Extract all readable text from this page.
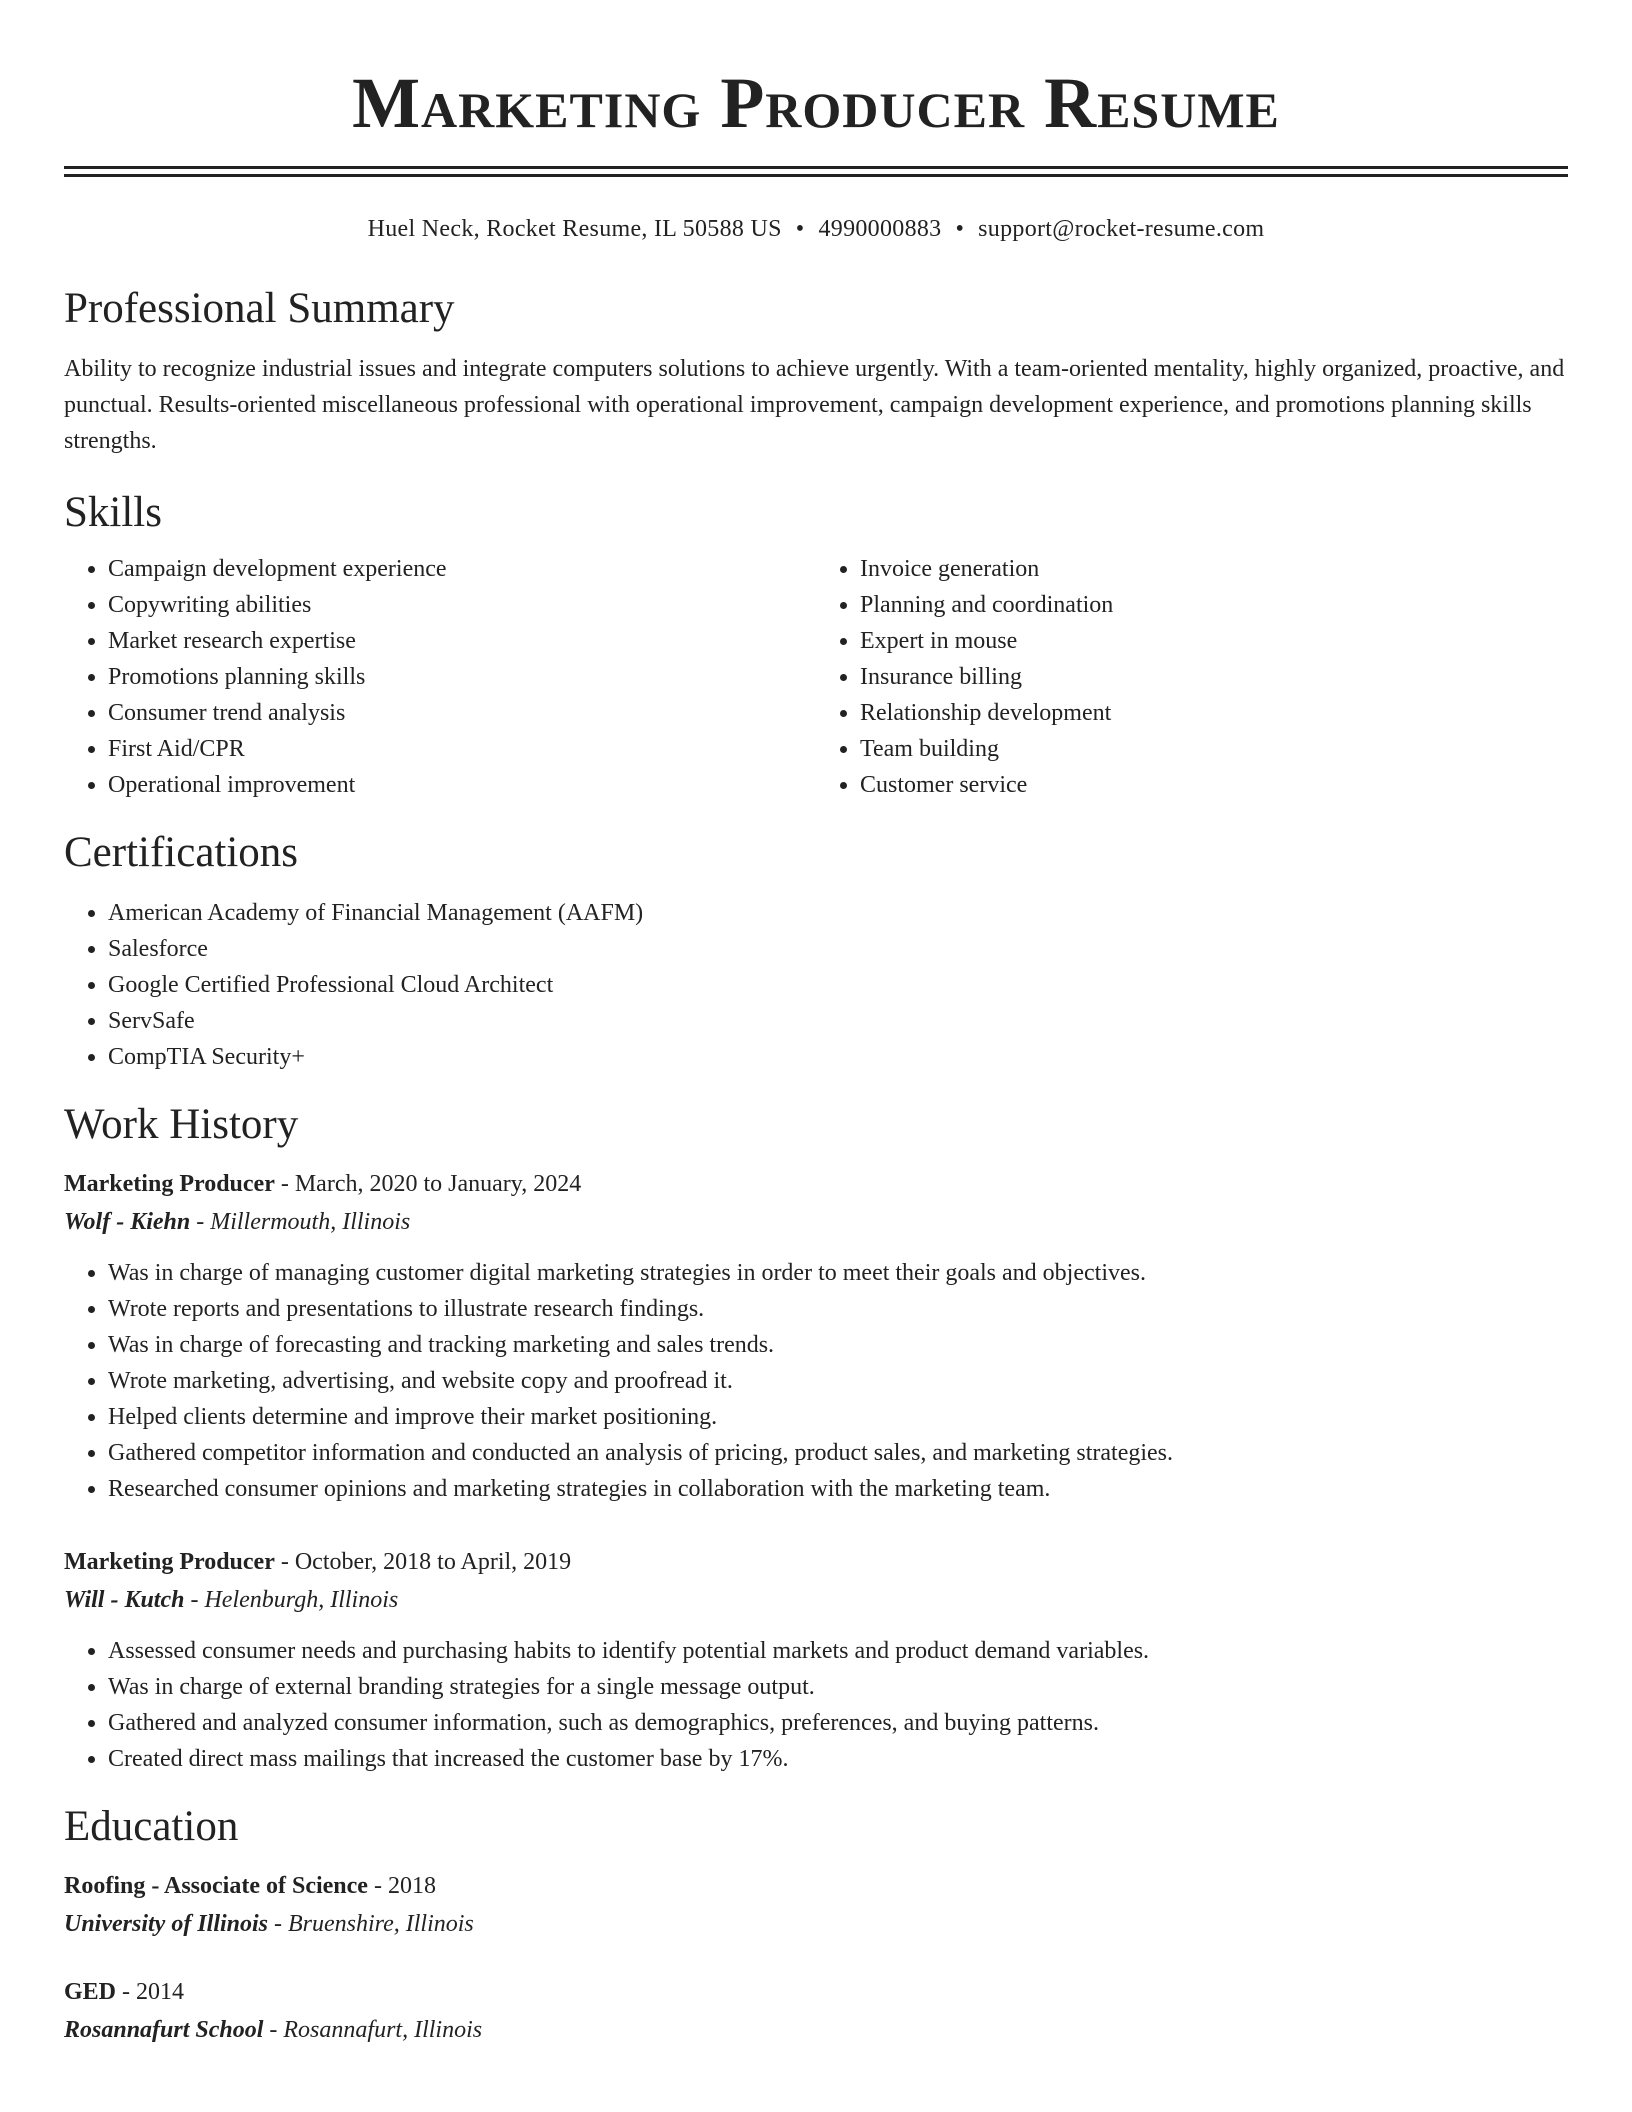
Marketing Producer Resume
Huel Neck, Rocket Resume, IL 50588 US • 4990000883 • support@rocket-resume.com
Professional Summary

Ability to recognize industrial issues and integrate computers solutions to achieve urgently. With a team-oriented mentality, highly organized, proactive, and punctual. Results-oriented miscellaneous professional with operational improvement, campaign development experience, and promotions planning skills strengths.

Skills
• Campaign development experience
• Copywriting abilities
• Market research expertise
• Promotions planning skills
• Consumer trend analysis
• First Aid/CPR
• Operational improvement
• Invoice generation
• Planning and coordination
• Expert in mouse
• Insurance billing
• Relationship development
• Team building
• Customer service
Certifications
• American Academy of Financial Management (AAFM)
• Salesforce
• Google Certified Professional Cloud Architect
• ServSafe
• CompTIA Security+
Work History
Marketing Producer - March, 2020 to January, 2024
Wolf - Kiehn - Millermouth, Illinois
• Was in charge of managing customer digital marketing strategies in order to meet their goals and objectives.
• Wrote reports and presentations to illustrate research findings.
• Was in charge of forecasting and tracking marketing and sales trends.
• Wrote marketing, advertising, and website copy and proofread it.
• Helped clients determine and improve their market positioning.
• Gathered competitor information and conducted an analysis of pricing, product sales, and marketing strategies.
• Researched consumer opinions and marketing strategies in collaboration with the marketing team.
Marketing Producer - October, 2018 to April, 2019
Will - Kutch - Helenburgh, Illinois
• Assessed consumer needs and purchasing habits to identify potential markets and product demand variables.
• Was in charge of external branding strategies for a single message output.
• Gathered and analyzed consumer information, such as demographics, preferences, and buying patterns.
• Created direct mass mailings that increased the customer base by 17%.
Education
Roofing - Associate of Science - 2018
University of Illinois - Bruenshire, Illinois
GED - 2014
Rosannafurt School - Rosannafurt, Illinois
